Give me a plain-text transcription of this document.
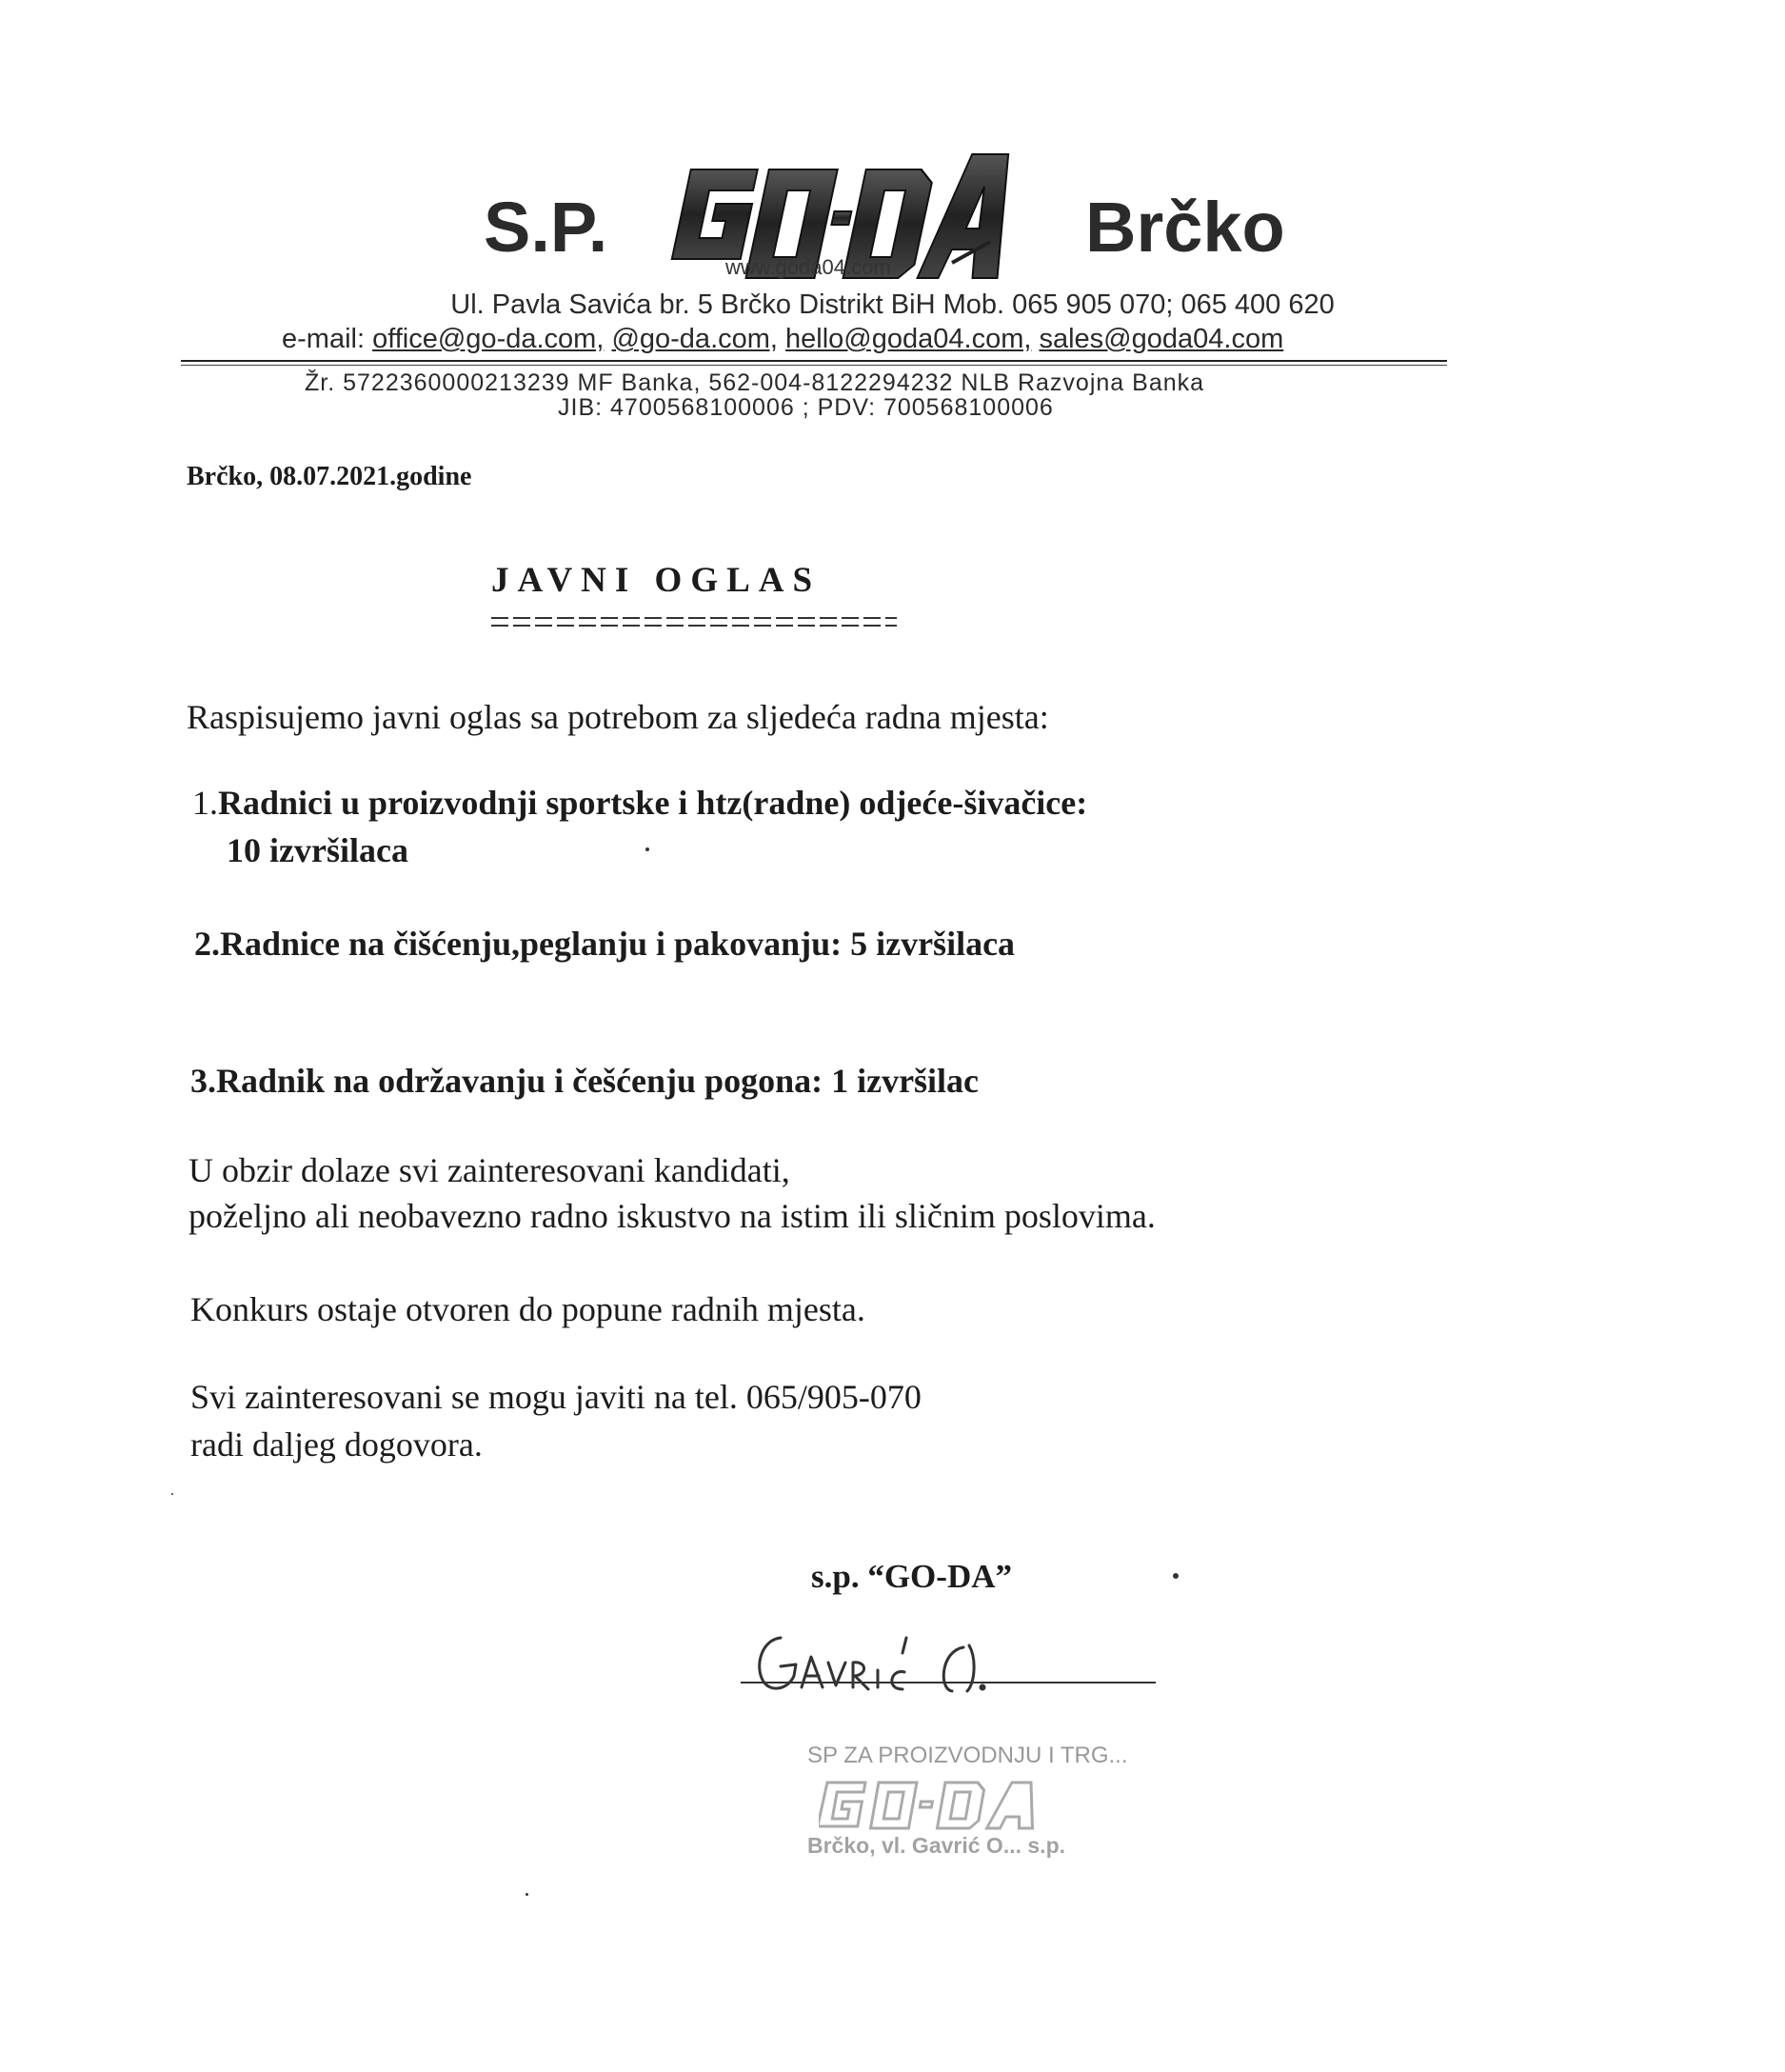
S.P.	Brčko
www.goda04.com
Ul. Pavla Savića br. 5 Brčko Distrikt BiH Mob. 065 905 070; 065 400 620
e-mail: office@go-da.com, @go-da.com, hello@goda04.com, sales@goda04.com
Žr. 5722360000213239 MF Banka, 562-004-8122294232 NLB Razvojna Banka
JIB: 4700568100006 ; PDV: 700568100006
Brčko, 08.07.2021.godine
JAVNI OGLAS
Raspisujemo javni oglas sa potrebom za sljedeća radna mjesta:
1.Radnici u proizvodnji sportske i htz(radne) odjeće-šivačice:
10 izvršilaca
2.Radnice na čišćenju,peglanju i pakovanju: 5 izvršilaca
3.Radnik na održavanju i češćenju pogona: 1 izvršilac
U obzir dolaze svi zainteresovani kandidati,
poželjno ali neobavezno radno iskustvo na istim ili sličnim poslovima.
Konkurs ostaje otvoren do popune radnih mjesta.
Svi zainteresovani se mogu javiti na tel. 065/905-070
radi daljeg dogovora.
s.p. “GO-DA”
SP ZA PROIZVODNJU I TRG...
Brčko, vl. Gavrić O... s.p.
